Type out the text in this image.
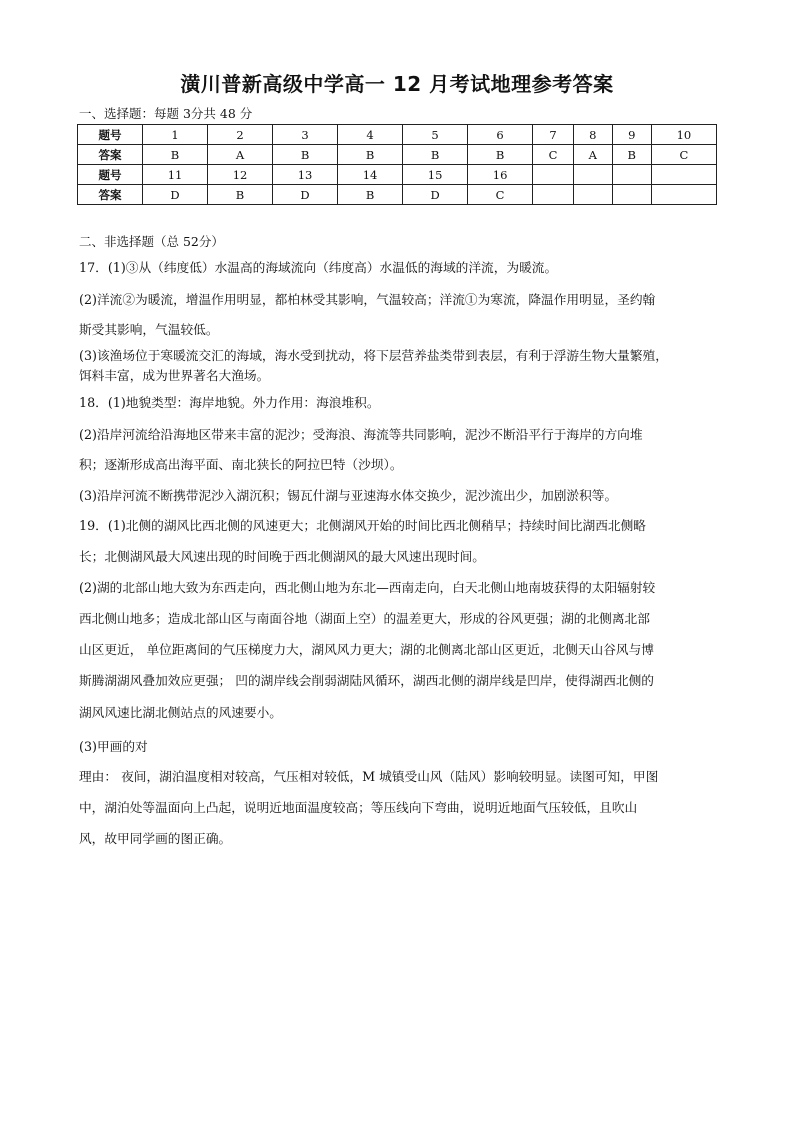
潢川普新高级中学高一 12 月考试地理参考答案
一、选择题：每题 3分共 48 分
题号	1	2	3	4	5	6	7	8	9	10
答案	B	A	B	B	B	B	C	A	B	C
题号	11	12	13	14	15	16				
答案	D	B	D	B	D	C				
二、非选择题（总 52分）

17．(1)③从（纬度低）水温高的海域流向（纬度高）水温低的海域的洋流，为暖流。

(2)洋流②为暖流，增温作用明显，都柏林受其影响，气温较高；洋流①为寒流，降温作用明显，圣约翰

斯受其影响，气温较低。

(3)该渔场位于寒暖流交汇的海域，海水受到扰动，将下层营养盐类带到表层，有利于浮游生物大量繁殖，

饵料丰富，成为世界著名大渔场。

18．(1)地貌类型：海岸地貌。外力作用：海浪堆积。

(2)沿岸河流给沿海地区带来丰富的泥沙；受海浪、海流等共同影响，泥沙不断沿平行于海岸的方向堆

积；逐渐形成高出海平面、南北狭长的阿拉巴特（沙坝）。

(3)沿岸河流不断携带泥沙入湖沉积；锡瓦什湖与亚速海水体交换少，泥沙流出少，加剧淤积等。

19．(1)北侧的湖风比西北侧的风速更大；北侧湖风开始的时间比西北侧稍早；持续时间比湖西北侧略

长；北侧湖风最大风速出现的时间晚于西北侧湖风的最大风速出现时间。

(2)湖的北部山地大致为东西走向，西北侧山地为东北—西南走向，白天北侧山地南坡获得的太阳辐射较

西北侧山地多；造成北部山区与南面谷地（湖面上空）的温差更大，形成的谷风更强；湖的北侧离北部

山区更近， 单位距离间的气压梯度力大，湖风风力更大；湖的北侧离北部山区更近，北侧天山谷风与博

斯腾湖湖风叠加效应更强； 凹的湖岸线会削弱湖陆风循环，湖西北侧的湖岸线是凹岸，使得湖西北侧的

湖风风速比湖北侧站点的风速要小。

(3)甲画的对

理由： 夜间，湖泊温度相对较高，气压相对较低，M 城镇受山风（陆风）影响较明显。读图可知，甲图

中，湖泊处等温面向上凸起，说明近地面温度较高；等压线向下弯曲，说明近地面气压较低，且吹山

风，故甲同学画的图正确。
